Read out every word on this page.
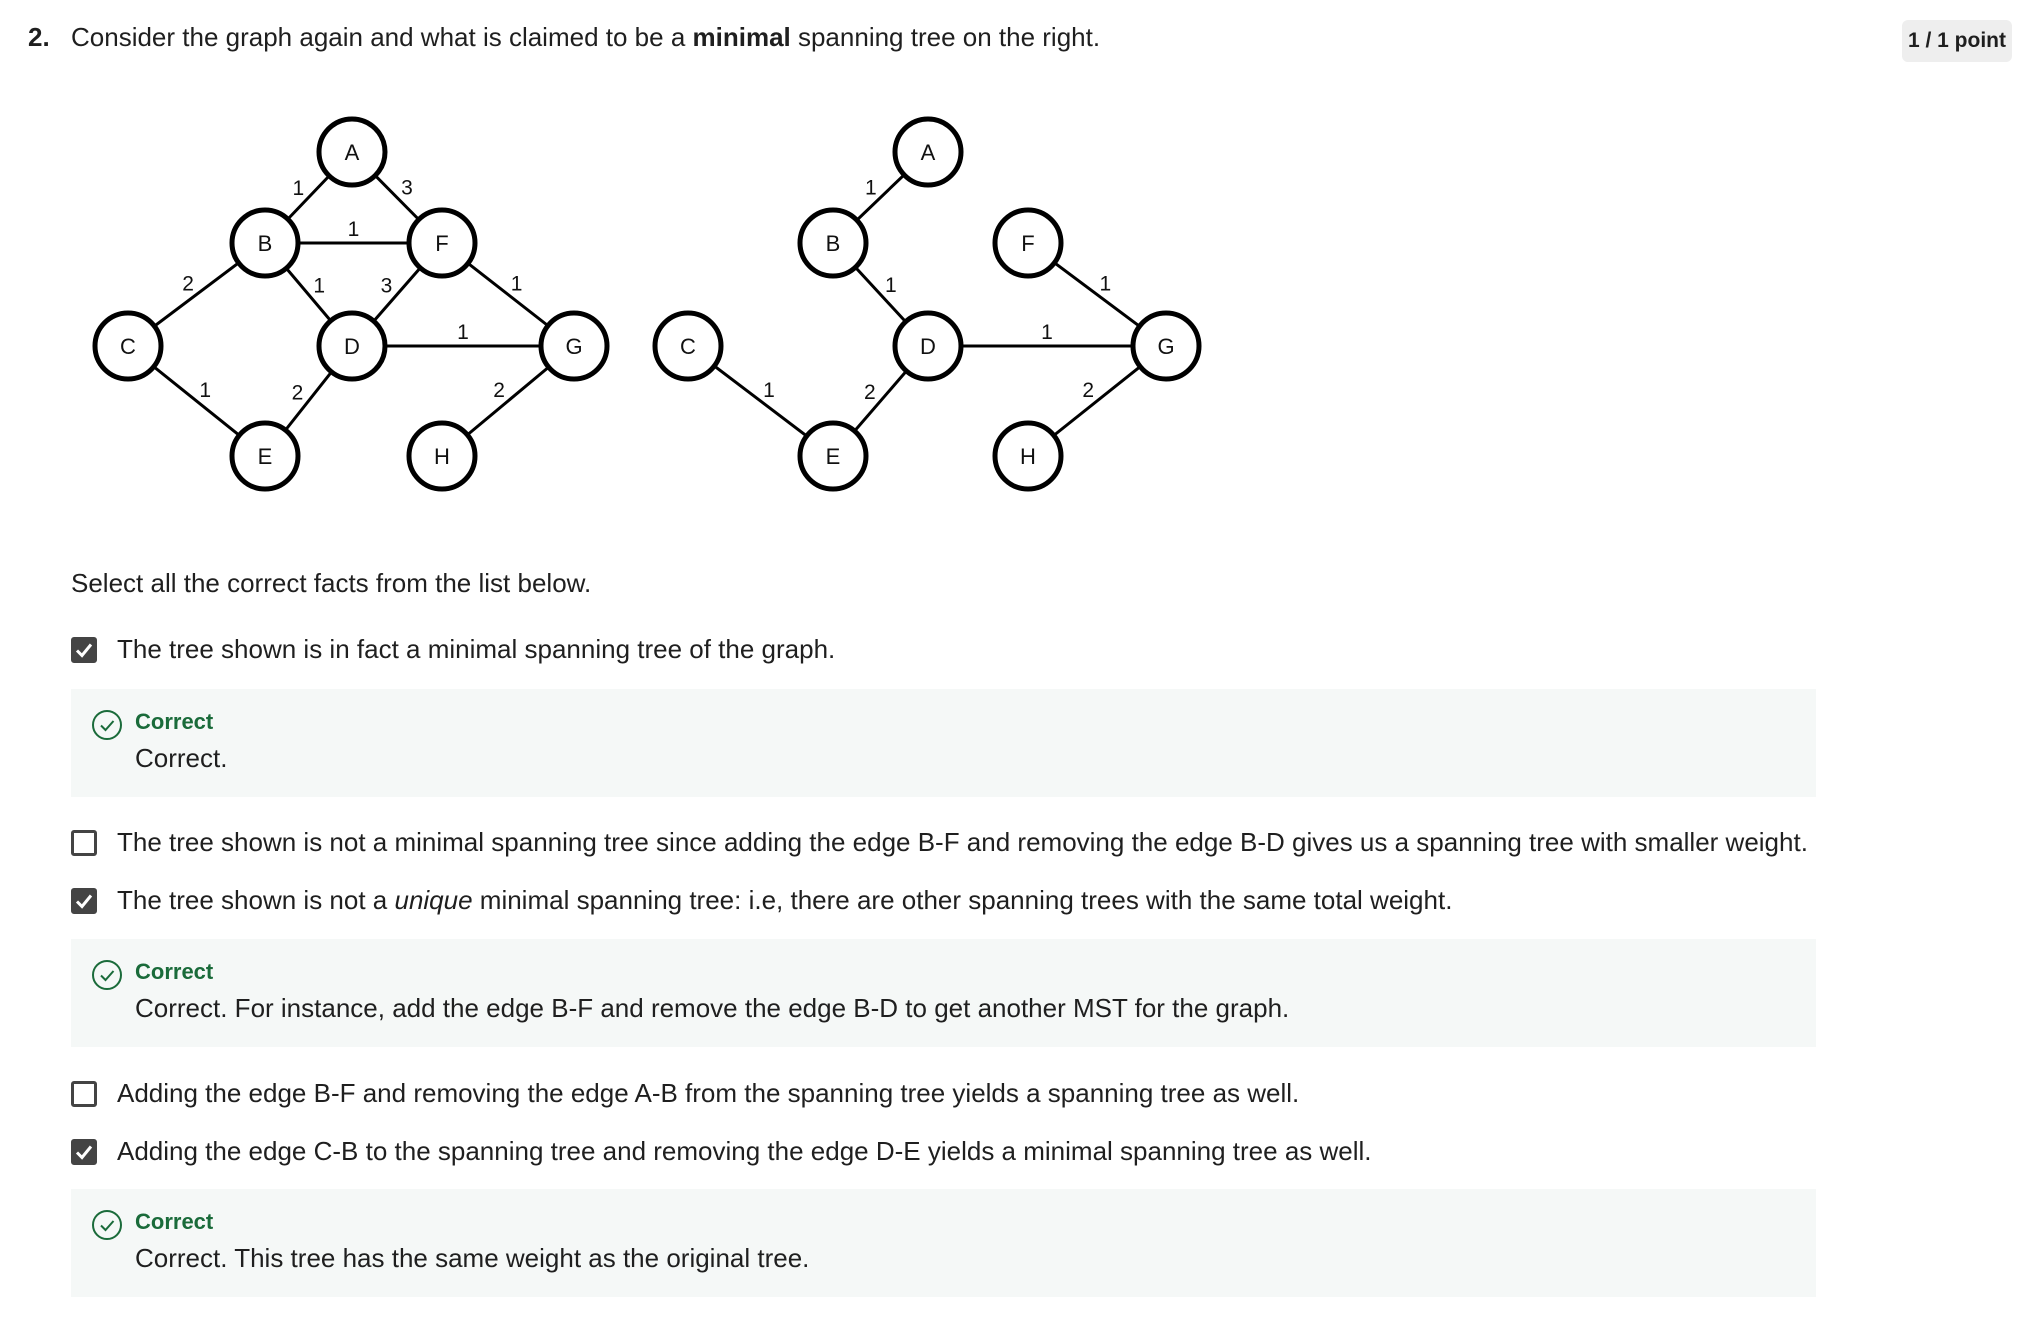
2. Consider the graph again and what is claimed to be a minimal spanning tree on the right.	1 / 1 point
1	3
1
1
2
1
3	1
1
2	2
A
B
C	D
E
F
G
H
1
1
1	2
1
1
2
A
B
C	D
E
F
G
H
Select all the correct facts from the list below.
The tree shown is in fact a minimal spanning tree of the graph.
Correct
Correct.
The tree shown is not a minimal spanning tree since adding the edge B-F and removing the edge B-D gives us a spanning tree with smaller weight.
The tree shown is not a unique minimal spanning tree: i.e, there are other spanning trees with the same total weight.
Correct
Correct. For instance, add the edge B-F and remove the edge B-D to get another MST for the graph.
Adding the edge B-F and removing the edge A-B from the spanning tree yields a spanning tree as well.
Adding the edge C-B to the spanning tree and removing the edge D-E yields a minimal spanning tree as well.
Correct
Correct. This tree has the same weight as the original tree.
